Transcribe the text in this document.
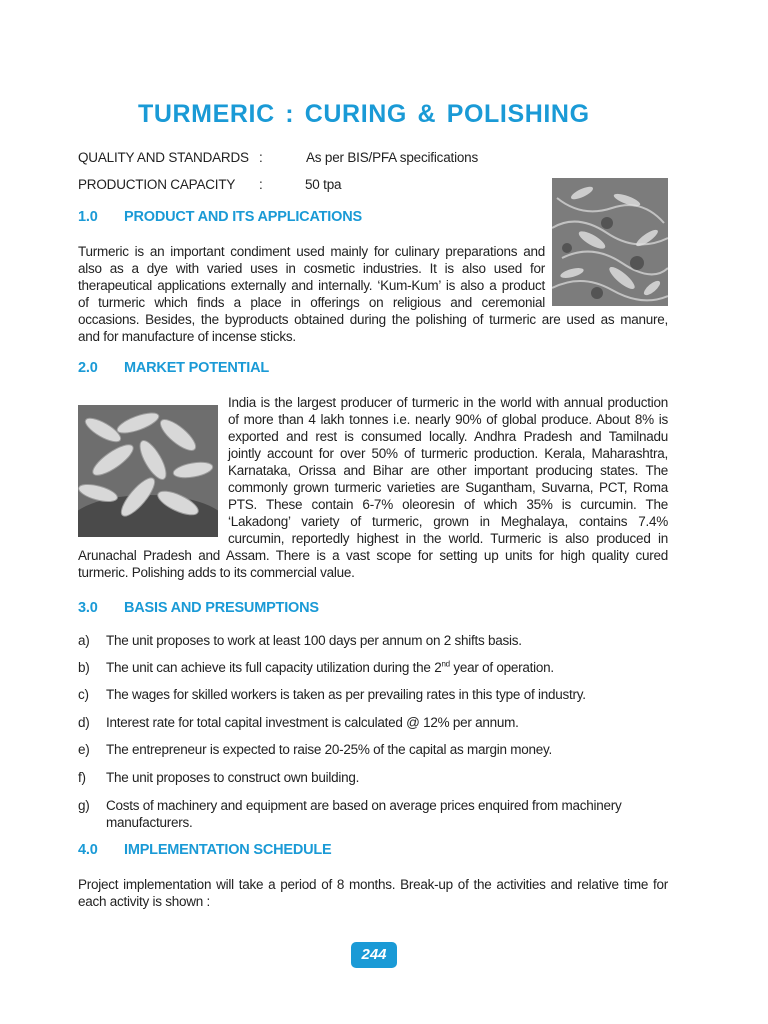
TURMERIC : CURING & POLISHING
QUALITY AND STANDARDS :	As per BIS/PFA specifications
PRODUCTION CAPACITY :	50 tpa
1.0 PRODUCT AND ITS APPLICATIONS
Turmeric is an important condiment used mainly for culinary preparations and
also as a dye with varied uses in cosmetic industries. It is also used for
therapeutical applications externally and internally. ‘Kum-Kum’ is also a product
of turmeric which finds a place in offerings on religious and ceremonial
occasions. Besides, the byproducts obtained during the polishing of turmeric are used as manure,
and for manufacture of incense sticks.
2.0 MARKET POTENTIAL
India is the largest producer of turmeric in the world with annual production
of more than 4 lakh tonnes i.e. nearly 90% of global produce. About 8% is
exported and rest is consumed locally. Andhra Pradesh and Tamilnadu
jointly account for over 50% of turmeric production. Kerala, Maharashtra,
Karnataka, Orissa and Bihar are other important producing states. The
commonly grown turmeric varieties are Sugantham, Suvarna, PCT, Roma
PTS. These contain 6-7% oleoresin of which 35% is curcumin. The
‘Lakadong’ variety of turmeric, grown in Meghalaya, contains 7.4%
curcumin, reportedly highest in the world. Turmeric is also produced in
Arunachal Pradesh and Assam. There is a vast scope for setting up units for high quality cured
turmeric. Polishing adds to its commercial value.
3.0 BASIS AND PRESUMPTIONS
a) The unit proposes to work at least 100 days per annum on 2 shifts basis.
b) The unit can achieve its full capacity utilization during the 2nd year of operation.
c) The wages for skilled workers is taken as per prevailing rates in this type of industry.
d) Interest rate for total capital investment is calculated @ 12% per annum.
e) The entrepreneur is expected to raise 20-25% of the capital as margin money.
f) The unit proposes to construct own building.
g) Costs of machinery and equipment are based on average prices enquired from machinery manufacturers.
4.0 IMPLEMENTATION SCHEDULE
Project implementation will take a period of 8 months. Break-up of the activities and relative time for
each activity is shown :
244
